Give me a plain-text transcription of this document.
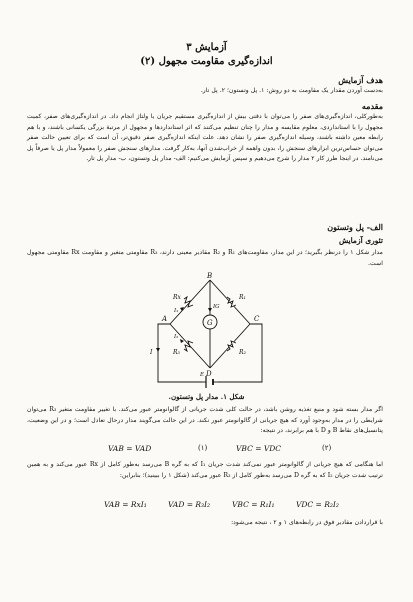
آزمایش ۳
اندازه‌گیری مقاومت مجهول (۲)
هدف آزمایش
به‌دست آوردن مقدار یک مقاومت به دو روش: ۱. پل وتستون؛ ۲. پل تار.
مقدمه
به‌طورکلی، اندازه‌گیری‌های صفر را می‌توان با دقتی بیش از اندازه‌گیری مستقیم جریان یا ولتاژ انجام داد. در اندازه‌گیری‌های صفر، کمیت مجهول را با استانداردی، معلوم مقایسه و مدار را چنان تنظیم می‌کنند که اثر استانداردها و مجهول از مرتبهٔ بزرگی یکسانی باشند، و با هم رابطه معین داشته باشند، وسیله اندازه‌گیری صفر را نشان دهد. علت اینکه اندازه‌گیری صفر دقیق‌تر، آن است که برای تعیین حالت صفر می‌توان حساس‌ترین ابزارهای سنجش را، بدون واهمه از خراب‌شدن آنها، به‌کار گرفت. مدارهای سنجش صفر را معمولاً مدار پل یا صرفاً پل می‌نامند. در اینجا طرز کار ۲ مدار را شرح می‌دهیم و سپس آزمایش می‌کنیم: الف- مدار پل وتستون، ب- مدار پل تار.
الف- پل وتستون
تئوری آزمایش
مدار شکل ۱ را درنظر بگیرید؛ در این مدار، مقاومت‌های R₁ و R₂ مقادیر معینی دارند، R₃ مقاومتی متغیر و مقاومت Rx مقاومتی مجهول است.
B
A	C
D
G
Rx	R₁
R₃	R₂
I₁
I₂
IG
I
E
شکل ۱. مدار پل وتستون.
اگر مدار بسته شود و منبع تغذیه روشن باشد، در حالت کلی شدت جریانی از گالوانومتر عبور می‌کند. با تغییر مقاومت متغیر R₃ می‌توان شرایطی را در مدار به‌وجود آورد که هیچ جریانی از گالوانومتر عبور نکند. در این حالت می‌گویند مدار درحال تعادل است؛ و در این وضعیت، پتانسیل‌های نقاط B و D با هم برابرند، در نتیجه:
VAB = VAD	(۱)	VBC = VDC	(۲)
اما هنگامی که هیچ جریانی از گالوانومتر عبور نمی‌کند شدت جریان I₁ که به گره B می‌رسد به‌طور کامل از Rx عبور می‌کند و به همین ترتیب شدت جریان I₂ که به گره D می‌رسد به‌طور کامل از R₃ عبور می‌کند (شکل ۱ را ببینید)؛ بنابراین:
VAB = RxI₁	VAD = R₃I₂	VBC = R₁I₁	VDC = R₂I₂
با قراردادن مقادیر فوق در رابطه‌های ۱ و ۲ ، نتیجه می‌شود:
